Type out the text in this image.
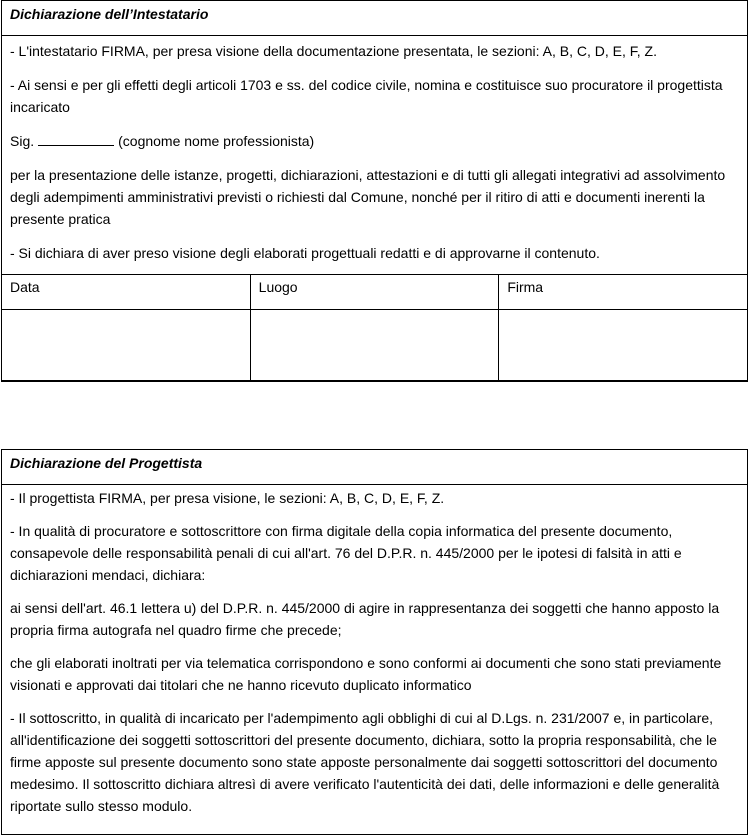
Dichiarazione dell’Intestatario
- L'intestatario FIRMA, per presa visione della documentazione presentata, le sezioni: A, B, C, D, E, F, Z.
- Ai sensi e per gli effetti degli articoli 1703 e ss. del codice civile, nomina e costituisce suo procuratore il progettista incaricato
Sig.	(cognome nome professionista)
per la presentazione delle istanze, progetti, dichiarazioni, attestazioni e di tutti gli allegati integrativi ad assolvimento degli adempimenti amministrativi previsti o richiesti dal Comune, nonché per il ritiro di atti e documenti inerenti la presente pratica
- Si dichiara di aver preso visione degli elaborati progettuali redatti e di approvarne il contenuto.
Data	Luogo	Firma

Dichiarazione del Progettista
- Il progettista FIRMA, per presa visione, le sezioni: A, B, C, D, E, F, Z.
- In qualità di procuratore e sottoscrittore con firma digitale della copia informatica del presente documento, consapevole delle responsabilità penali di cui all'art. 76 del D.P.R. n. 445/2000 per le ipotesi di falsità in atti e dichiarazioni mendaci, dichiara:
ai sensi dell'art. 46.1 lettera u) del D.P.R. n. 445/2000 di agire in rappresentanza dei soggetti che hanno apposto la propria firma autografa nel quadro firme che precede;
che gli elaborati inoltrati per via telematica corrispondono e sono conformi ai documenti che sono stati previamente visionati e approvati dai titolari che ne hanno ricevuto duplicato informatico
- Il sottoscritto, in qualità di incaricato per l'adempimento agli obblighi di cui al D.Lgs. n. 231/2007 e, in particolare, all'identificazione dei soggetti sottoscrittori del presente documento, dichiara, sotto la propria responsabilità, che le firme apposte sul presente documento sono state apposte personalmente dai soggetti sottoscrittori del documento medesimo. Il sottoscritto dichiara altresì di avere verificato l'autenticità dei dati, delle informazioni e delle generalità riportate sullo stesso modulo.
